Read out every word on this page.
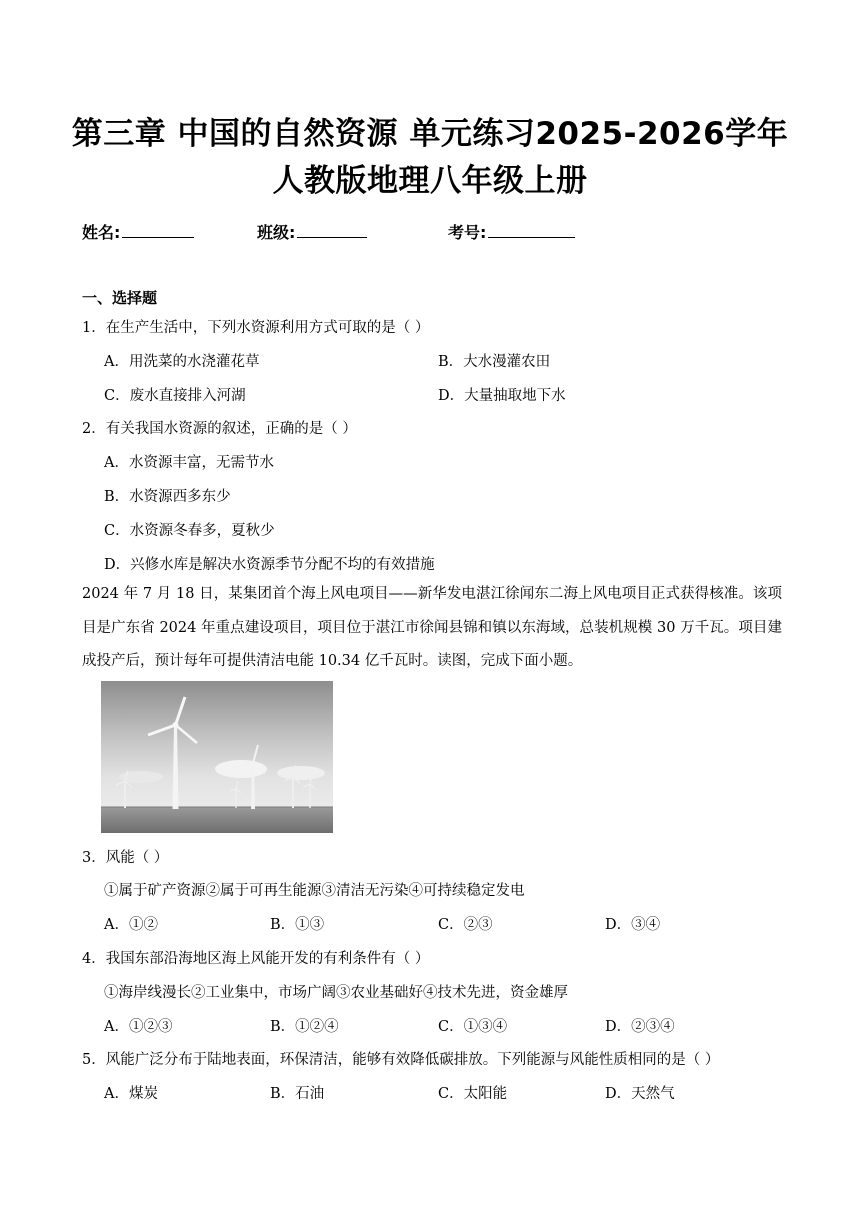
第三章 中国的自然资源 单元练习2025-2026学年
人教版地理八年级上册
姓名:	班级:	考号:
一、选择题
1．在生产生活中，下列水资源利用方式可取的是（ ）
A．用洗菜的水浇灌花草	B．大水漫灌农田
C．废水直接排入河湖	D．大量抽取地下水
2．有关我国水资源的叙述，正确的是（ ）
A．水资源丰富，无需节水
B．水资源西多东少
C．水资源冬春多，夏秋少
D．兴修水库是解决水资源季节分配不均的有效措施
2024 年 7 月 18 日，某集团首个海上风电项目——新华发电湛江徐闻东二海上风电项目正式获得核准。该项目是广东省 2024 年重点建设项目，项目位于湛江市徐闻县锦和镇以东海域，总装机规模 30 万千瓦。项目建成投产后，预计每年可提供清洁电能 10.34 亿千瓦时。读图，完成下面小题。
3．风能（ ）
①属于矿产资源②属于可再生能源③清洁无污染④可持续稳定发电
A．①②	B．①③	C．②③	D．③④
4．我国东部沿海地区海上风能开发的有利条件有（ ）
①海岸线漫长②工业集中，市场广阔③农业基础好④技术先进，资金雄厚
A．①②③	B．①②④	C．①③④	D．②③④
5．风能广泛分布于陆地表面，环保清洁，能够有效降低碳排放。下列能源与风能性质相同的是（ ）
A．煤炭	B．石油	C．太阳能	D．天然气
